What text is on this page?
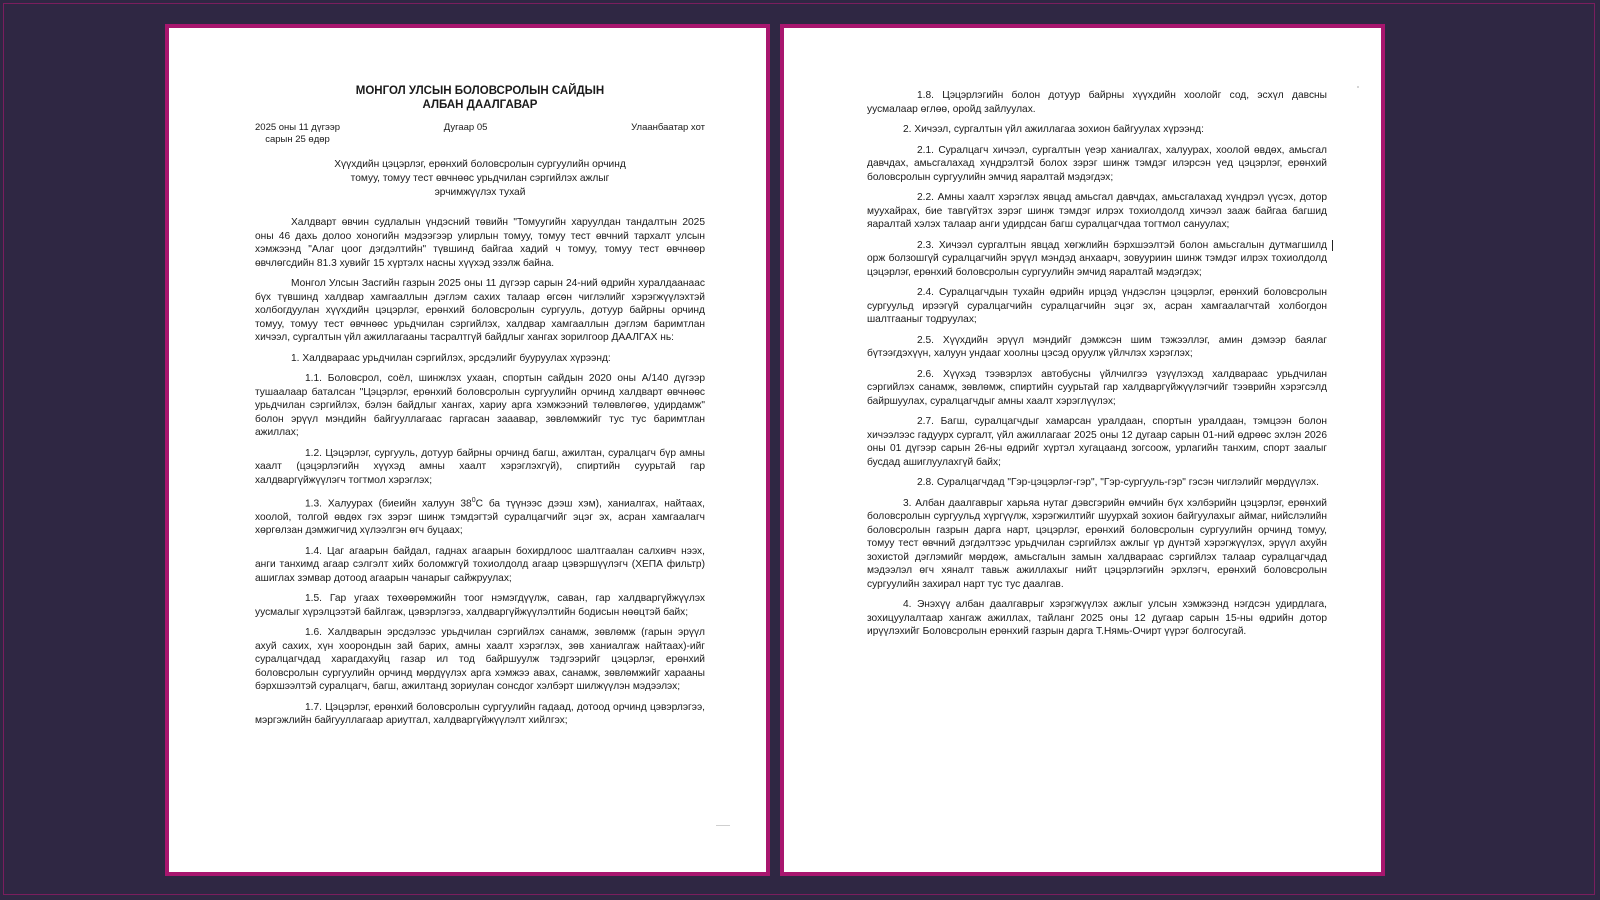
МОНГОЛ УЛСЫН БОЛОВСРОЛЫН САЙДЫН
АЛБАН ДААЛГАВАР
2025 оны 11 дүгээр
сарын 25 өдөр
Дугаар 05	Улаанбаатар хот
Хүүхдийн цэцэрлэг, ерөнхий боловсролын сургуулийн орчинд томуу, томуу тест өвчнөөс урьдчилан сэргийлэх ажлыг эрчимжүүлэх тухай

Халдварт өвчин судлалын үндэсний төвийн "Томуугийн харуулдан тандалтын 2025 оны 46 дахь долоо хоногийн мэдээгээр улирлын томуу, томуу тест өвчний тархалт улсын хэмжээнд "Алаг цоог дэгдэлтийн" түвшинд байгаа хадий ч томуу, томуу тест өвчнөөр өвчлөгсдийн 81.3 хувийг 15 хүртэлх насны хүүхэд эзэлж байна.

Монгол Улсын Засгийн газрын 2025 оны 11 дүгээр сарын 24-ний өдрийн хуралдаанаас бүх түвшинд халдвар хамгааллын дэглэм сахих талаар өгсөн чиглэлийг хэрэгжүүлэхтэй холбогдуулан хүүхдийн цэцэрлэг, ерөнхий боловсролын сургууль, дотуур байрны орчинд томуу, томуу тест өвчнөөс урьдчилан сэргийлэх, халдвар хамгааллын дэглэм баримтлан хичээл, сургалтын үйл ажиллагааны тасралтгүй байдлыг хангах зорилгоор ДААЛГАХ нь:

1. Халдвараас урьдчилан сэргийлэх, эрсдэлийг бууруулах хүрээнд:

1.1. Боловсрол, соёл, шинжлэх ухаан, спортын сайдын 2020 оны А/140 дүгээр тушаалаар баталсан "Цэцэрлэг, ерөнхий боловсролын сургуулийн орчинд халдварт өвчнөөс урьдчилан сэргийлэх, бэлэн байдлыг хангах, хариу арга хэмжээний төлөвлөгөө, удирдамж" болон эрүүл мэндийн байгууллагаас гаргасан зааавар, зөвлөмжийг тус тус баримтлан ажиллах;

1.2. Цэцэрлэг, сургууль, дотуур байрны орчинд багш, ажилтан, суралцагч бүр амны хаалт (цэцэрлэгийн хүүхэд амны хаалт хэрэглэхгүй), спиртийн суурьтай гар халдваргүйжүүлэгч тогтмол хэрэглэх;

1.3. Халуурах (биеийн халуун $38^0С$ ба түүнээс дээш хэм), ханиалгах, найтаах, хоолой, толгой өвдөх гэх зэрэг шинж тэмдэгтэй суралцагчийг эцэг эх, асран хамгаалагч хөргөлзан дэмжигчид хүлээлгэн өгч буцаах;

1.4. Цаг агаарын байдал, гаднах агаарын бохирдлоос шалтгаалан салхивч нээх, анги танхимд агаар сэлгэлт хийх боломжгүй тохиолдолд агаар цэвэршүүлэгч (ХЕПА фильтр) ашиглах зэмвар дотоод агаарын чанарыг сайжруулах;

1.5. Гар угаах төхөөрөмжийн тоог нэмэгдүүлж, саван, гар халдваргүйжүүлэх уусмалыг хүрэлцээтэй байлгаж, цэвэрлэгээ, халдваргүйжүүлэлтийн бодисын нөөцтэй байх;

1.6. Халдварын эрсдэлээс урьдчилан сэргийлэх санамж, зөвлөмж (гарын эрүүл ахуй сахих, хүн хоорондын зай барих, амны хаалт хэрэглэх, зөв ханиалгаж найтаах)-ийг суралцагчдад харагдахуйц газар ил тод байршуулж тэдгээрийг цэцэрлэг, ерөнхий боловсролын сургуулийн орчинд мөрдүүлэх арга хэмжээ авах, санамж, зөвлөмжийг харааны бэрхшээлтэй суралцагч, багш, ажилтанд зориулан сонсдог хэлбэрт шилжүүлэн мэдээлэх;

1.7. Цэцэрлэг, ерөнхий боловсролын сургуулийн гадаад, дотоод орчинд цэвэрлэгээ, мэргэжлийн байгууллагаар ариутгал, халдваргүйжүүлэлт хийлгэх;

1.8. Цэцэрлэгийн болон дотуур байрны хүүхдийн хоолойг сод, эсхүл давсны уусмалаар өглөө, оройд зайлуулах.

2. Хичээл, сургалтын үйл ажиллагаа зохион байгуулах хүрээнд:

2.1. Суралцагч хичээл, сургалтын үеэр ханиалгах, халуурах, хоолой өвдөх, амьсгал давчдах, амьсгалахад хүндрэлтэй болох зэрэг шинж тэмдэг илэрсэн үед цэцэрлэг, ерөнхий боловсролын сургуулийн эмчид яаралтай мэдэгдэх;

2.2. Амны хаалт хэрэглэх явцад амьсгал давчдах, амьсгалахад хүндрэл үүсэх, дотор муухайрах, бие тавгүйтэх зэрэг шинж тэмдэг илрэх тохиолдолд хичээл зааж байгаа багшид яаралтай хэлэх талаар анги удирдсан багш суралцагчдаа тогтмол сануулах;

2.3. Хичээл сургалтын явцад хөгжлийн бэрхшээлтэй болон амьсгалын дутмагшилд орж болзошгүй суралцагчийн эрүүл мэндэд анхаарч, зовууриин шинж тэмдэг илрэх тохиолдолд цэцэрлэг, ерөнхий боловсролын сургуулийн эмчид яаралтай мэдэгдэх;

2.4. Суралцагчдын тухайн өдрийн ирцэд үндэслэн цэцэрлэг, ерөнхий боловсролын сургуульд ирээгүй суралцагчийн суралцагчийн эцэг эх, асран хамгаалагчтай холбогдон шалтгааныг тодруулах;

2.5. Хүүхдийн эрүүл мэндийг дэмжсэн шим тэжээллэг, амин дэмээр баялаг бүтээгдэхүүн, халуун ундааг хоолны цэсэд оруулж үйлчлэх хэрэглэх;

2.6. Хүүхэд тээвэрлэх автобусны үйлчилгээ үзүүлэхэд халдвараас урьдчилан сэргийлэх санамж, зөвлөмж, спиртийн суурьтай гар халдваргүйжүүлэгчийг тээврийн хэрэгсэлд байршуулах, суралцагчдыг амны хаалт хэрэглүүлэх;

2.7. Багш, суралцагчдыг хамарсан уралдаан, спортын уралдаан, тэмцээн болон хичээлээс гадуурх сургалт, үйл ажиллагааг 2025 оны 12 дугаар сарын 01-ний өдрөөс эхлэн 2026 оны 01 дүгээр сарын 26-ны өдрийг хүртэл хугацаанд зогсоож, урлагийн танхим, спорт заалыг бусдад ашиглуулахгүй байх;

2.8. Суралцагчдад "Гэр-цэцэрлэг-гэр", "Гэр-сургууль-гэр" гэсэн чиглэлийг мөрдүүлэх.

3. Албан даалгаврыг харьяа нутаг дэвсгэрийн өмчийн бүх хэлбэрийн цэцэрлэг, ерөнхий боловсролын сургуульд хүргүүлж, хэрэгжилтийг шуурхай зохион байгуулахыг аймаг, нийслэлийн боловсролын газрын дарга нарт, цэцэрлэг, ерөнхий боловсролын сургуулийн орчинд томуу, томуу тест өвчний дэгдэлтээс урьдчилан сэргийлэх ажлыг үр дүнтэй хэрэгжүүлэх, эрүүл ахуйн зохистой дэглэмийг мөрдөж, амьсгалын замын халдвараас сэргийлэх талаар суралцагчдад мэдээлэл өгч хяналт тавьж ажиллахыг нийт цэцэрлэгийн эрхлэгч, ерөнхий боловсролын сургуулийн захирал нарт тус тус даалгав.

4. Энэхүү албан даалгаврыг хэрэгжүүлэх ажлыг улсын хэмжээнд нэгдсэн удирдлага, зохицуулалтаар хангаж ажиллах, тайланг 2025 оны 12 дугаар сарын 15-ны өдрийн дотор ирүүлэхийг Боловсролын ерөнхий газрын дарга Т.Нямь-Очирт үүрэг болгосугай.
